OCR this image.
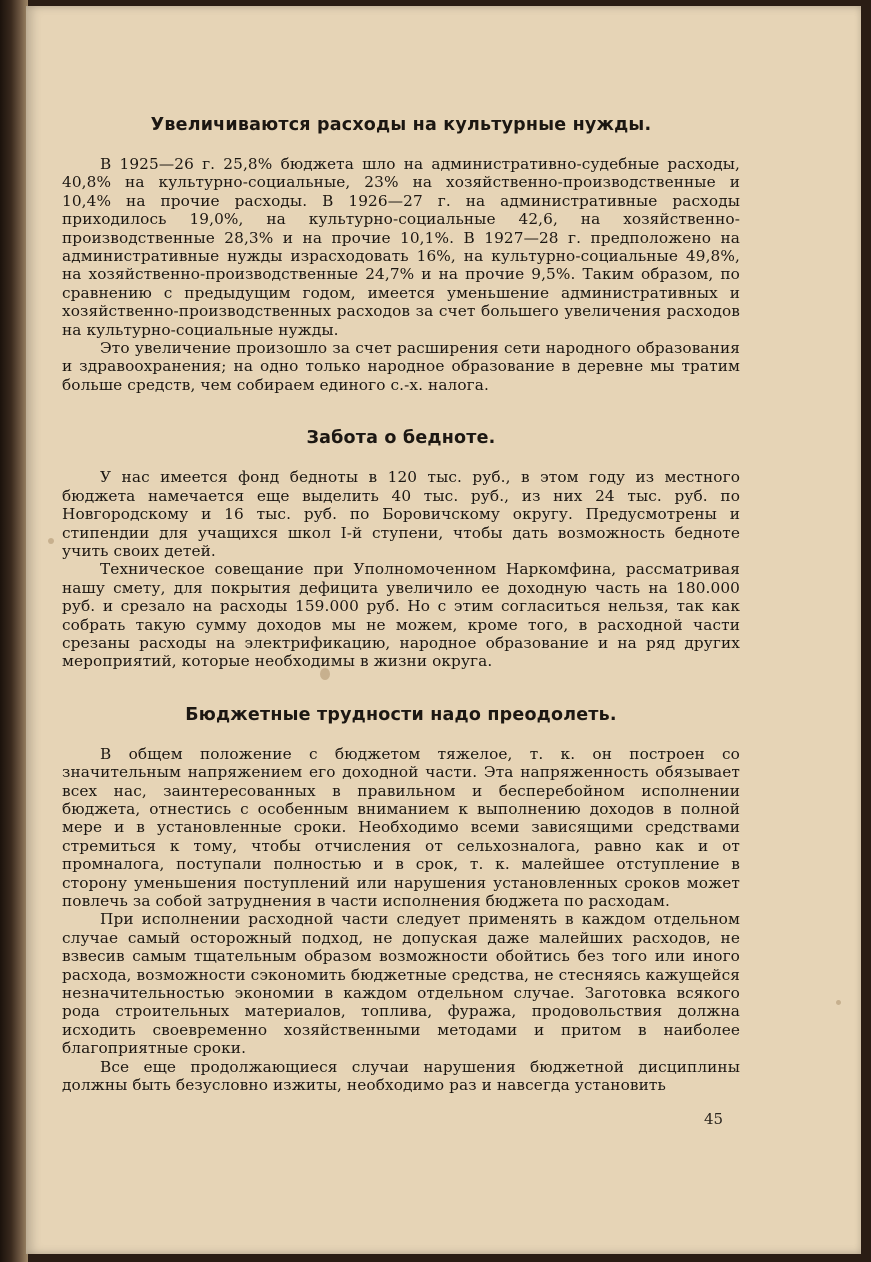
Увеличиваются расходы на культурные нужды.

В 1925—26 г. 25,8% бюджета шло на административно-судебные расходы, 40,8% на культурно-социальные, 23% на хозяйственно-производственные и 10,4% на прочие расходы. В 1926—27 г. на административные расходы приходилось 19,0%, на культурно-социальные 42,6, на хозяйственно-производственные 28,3% и на прочие 10,1%. В 1927—28 г. предположено на административные нужды израсходовать 16%, на культурно-социальные 49,8%, на хозяйственно-производственные 24,7% и на прочие 9,5%. Таким образом, по сравнению с предыдущим годом, имеется уменьшение административных и хозяйственно-производственных расходов за счет большего увеличения расходов на культурно-социальные нужды.

Это увеличение произошло за счет расширения сети народного образования и здравоохранения; на одно только народное образование в деревне мы тратим больше средств, чем собираем единого с.-х. налога.

Забота о бедноте.

У нас имеется фонд бедноты в 120 тыс. руб., в этом году из местного бюджета намечается еще выделить 40 тыс. руб., из них 24 тыс. руб. по Новгородскому и 16 тыс. руб. по Боровичскому округу. Предусмотрены и стипендии для учащихся школ I-й ступени, чтобы дать возможность бедноте учить своих детей.

Техническое совещание при Уполномоченном Наркомфина, рассматривая нашу смету, для покрытия дефицита увеличило ее доходную часть на 180.000 руб. и срезало на расходы 159.000 руб. Но с этим согласиться нельзя, так как собрать такую сумму доходов мы не можем, кроме того, в расходной части срезаны расходы на электрификацию, народное образование и на ряд других мероприятий, которые необходимы в жизни округа.

Бюджетные трудности надо преодолеть.

В общем положение с бюджетом тяжелое, т. к. он построен со значительным напряжением его доходной части. Эта напряженность обязывает всех нас, заинтересованных в правильном и бесперебойном исполнении бюджета, отнестись с особенным вниманием к выполнению доходов в полной мере и в установленные сроки. Необходимо всеми зависящими средствами стремиться к тому, чтобы отчисления от сельхозналога, равно как и от промналога, поступали полностью и в срок, т. к. малейшее отступление в сторону уменьшения поступлений или нарушения установленных сроков может повлечь за собой затруднения в части исполнения бюджета по расходам.

При исполнении расходной части следует применять в каждом отдельном случае самый осторожный подход, не допуская даже малейших расходов, не взвесив самым тщательным образом возможности обойтись без того или иного расхода, возможности сэкономить бюджетные средства, не стесняясь кажущейся незначительностью экономии в каждом отдельном случае. Заготовка всякого рода строительных материалов, топлива, фуража, продовольствия должна исходить своевременно хозяйственными методами и притом в наиболее благоприятные сроки.

Все еще продолжающиеся случаи нарушения бюджетной дисциплины должны быть безусловно изжиты, необходимо раз и навсегда установить

45
